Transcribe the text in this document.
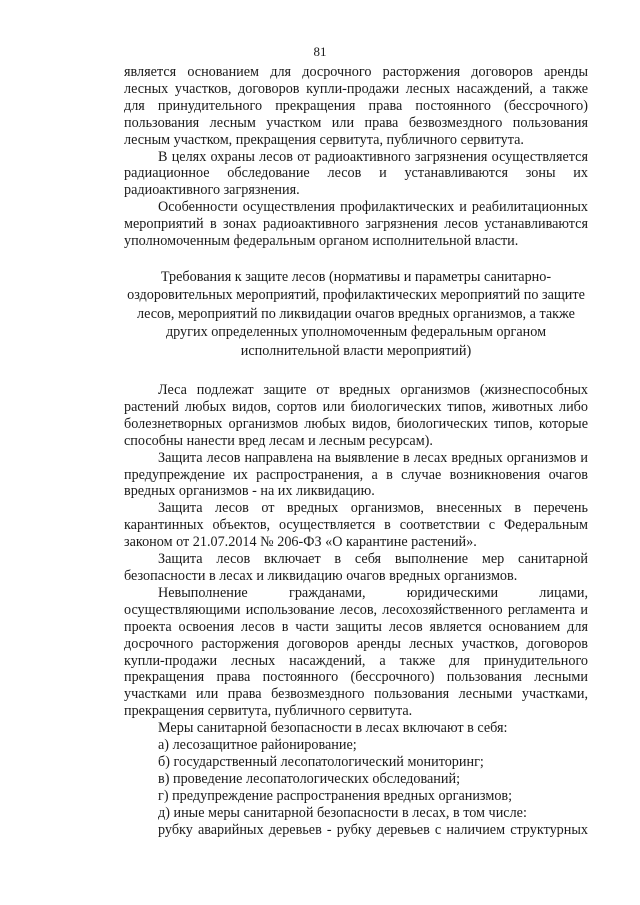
81

является основанием для досрочного расторжения договоров аренды лесных участков, договоров купли-продажи лесных насаждений, а также для принудительного прекращения права постоянного (бессрочного) пользования лесным участком или права безвозмездного пользования лесным участком, прекращения сервитута, публичного сервитута.

В целях охраны лесов от радиоактивного загрязнения осуществляется радиационное обследование лесов и устанавливаются зоны их радиоактивного загрязнения.

Особенности осуществления профилактических и реабилитационных мероприятий в зонах радиоактивного загрязнения лесов устанавливаются уполномоченным федеральным органом исполнительной власти.

Требования к защите лесов (нормативы и параметры санитарно-
оздоровительных мероприятий, профилактических мероприятий по защите
лесов, мероприятий по ликвидации очагов вредных организмов, а также
других определенных уполномоченным федеральным органом
исполнительной власти мероприятий)

Леса подлежат защите от вредных организмов (жизнеспособных растений любых видов, сортов или биологических типов, животных либо болезнетворных организмов любых видов, биологических типов, которые способны нанести вред лесам и лесным ресурсам).

Защита лесов направлена на выявление в лесах вредных организмов и предупреждение их распространения, а в случае возникновения очагов вредных организмов - на их ликвидацию.

Защита лесов от вредных организмов, внесенных в перечень карантинных объектов, осуществляется в соответствии с Федеральным законом от 21.07.2014 № 206-ФЗ «О карантине растений».

Защита лесов включает в себя выполнение мер санитарной безопасности в лесах и ликвидацию очагов вредных организмов.

Невыполнение гражданами, юридическими лицами, осуществляющими использование лесов, лесохозяйственного регламента и проекта освоения лесов в части защиты лесов является основанием для досрочного расторжения договоров аренды лесных участков, договоров купли-продажи лесных насаждений, а также для принудительного прекращения права постоянного (бессрочного) пользования лесными участками или права безвозмездного пользования лесными участками, прекращения сервитута, публичного сервитута.

Меры санитарной безопасности в лесах включают в себя:

а) лесозащитное районирование;
б) государственный лесопатологический мониторинг;
в) проведение лесопатологических обследований;
г) предупреждение распространения вредных организмов;
д) иные меры санитарной безопасности в лесах, в том числе:

рубку аварийных деревьев - рубку деревьев с наличием структурных
